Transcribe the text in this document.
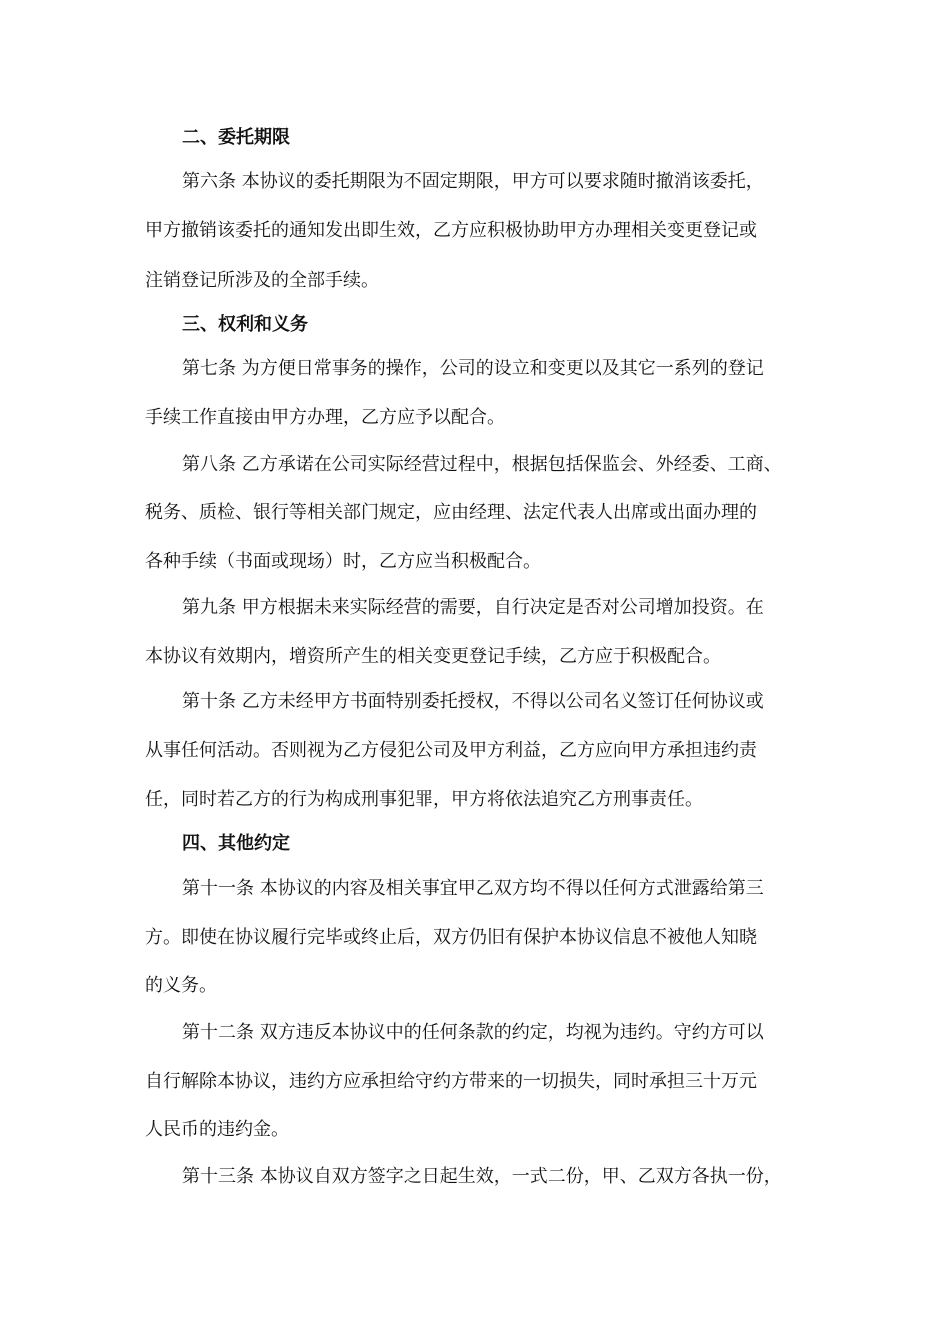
二、委托期限
第六条 本协议的委托期限为不固定期限，甲方可以要求随时撤消该委托，
甲方撤销该委托的通知发出即生效，乙方应积极协助甲方办理相关变更登记或
注销登记所涉及的全部手续。
三、权利和义务
第七条 为方便日常事务的操作，公司的设立和变更以及其它一系列的登记
手续工作直接由甲方办理，乙方应予以配合。
第八条 乙方承诺在公司实际经营过程中，根据包括保监会、外经委、工商、
税务、质检、银行等相关部门规定，应由经理、法定代表人出席或出面办理的
各种手续（书面或现场）时，乙方应当积极配合。
第九条 甲方根据未来实际经营的需要，自行决定是否对公司增加投资。在
本协议有效期内，增资所产生的相关变更登记手续，乙方应于积极配合。
第十条 乙方未经甲方书面特别委托授权，不得以公司名义签订任何协议或
从事任何活动。否则视为乙方侵犯公司及甲方利益，乙方应向甲方承担违约责
任，同时若乙方的行为构成刑事犯罪，甲方将依法追究乙方刑事责任。
四、其他约定
第十一条 本协议的内容及相关事宜甲乙双方均不得以任何方式泄露给第三
方。即使在协议履行完毕或终止后，双方仍旧有保护本协议信息不被他人知晓
的义务。
第十二条 双方违反本协议中的任何条款的约定，均视为违约。守约方可以
自行解除本协议，违约方应承担给守约方带来的一切损失，同时承担三十万元
人民币的违约金。
第十三条 本协议自双方签字之日起生效，一式二份，甲、乙双方各执一份，
